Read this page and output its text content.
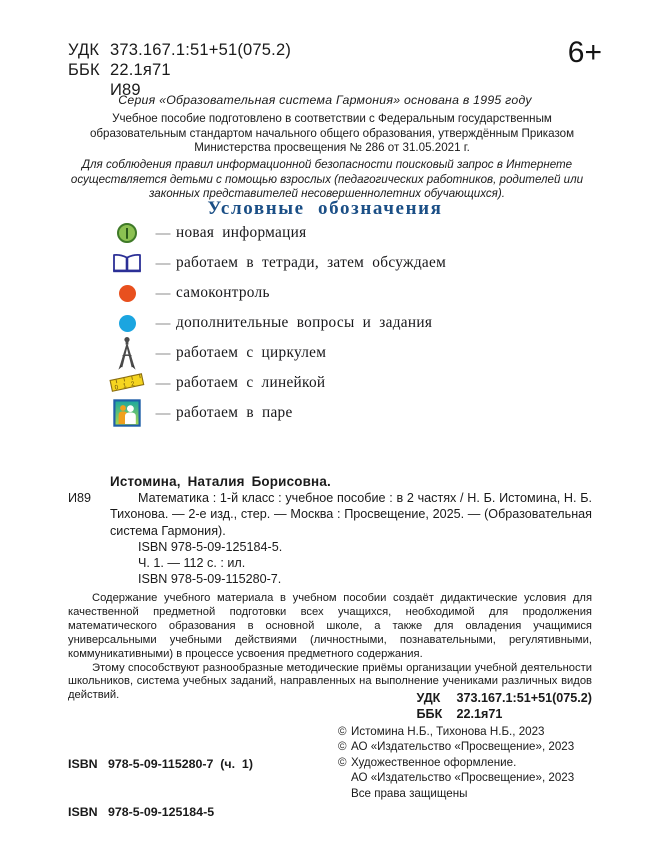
УДК 373.167.1:51+51(075.2)
ББК 22.1я71
И89
6+
Серия «Образовательная система Гармония» основана в 1995 году
Учебное пособие подготовлено в соответствии с Федеральным государственным образовательным стандартом начального общего образования, утверждённым Приказом Министерства просвещения № 286 от 31.05.2021 г.
Для соблюдения правил информационной безопасности поисковый запрос в Интернете осуществляется детьми с помощью взрослых (педагогических работников, родителей или законных представителей несовершеннолетних обучающихся).
Условные обозначения
— новая информация
— работаем в тетради, затем обсуждаем
— самоконтроль
— дополнительные вопросы и задания
— работаем с циркулем
0 1 2	— работаем с линейкой
— работаем в паре
Истомина, Наталия Борисовна.
И89	Математика : 1-й класс : учебное пособие : в 2 частях / Н. Б. Истомина, Н. Б. Тихонова. — 2-е изд., стер. — Москва : Просвещение, 2025. — (Образовательная система Гармония).
ISBN 978-5-09-125184-5.
Ч. 1. — 112 с. : ил.
ISBN 978-5-09-115280-7.

Содержание учебного материала в учебном пособии создаёт дидактические условия для качественной предметной подготовки всех учащихся, необходимой для продолжения математического образования в основной школе, а также для овладения учащимися универсальными учебными действиями (личностными, познавательными, регулятивными, коммуникативными) в процессе усвоения предметного содержания.

Этому способствуют разнообразные методические приёмы организации учебной деятельности школьников, система учебных заданий, направленных на выполнение учениками различных видов действий.	УДК 373.167.1:51+51(075.2)
ББК 22.1я71

ISBN 978-5-09-115280-7  (ч.  1)

ISBN 978-5-09-125184-5

© Истомина Н.Б., Тихонова Н.Б., 2023
© АО «Издательство «Просвещение», 2023
© Художественное оформление.
АО «Издательство «Просвещение», 2023
Все права защищены
